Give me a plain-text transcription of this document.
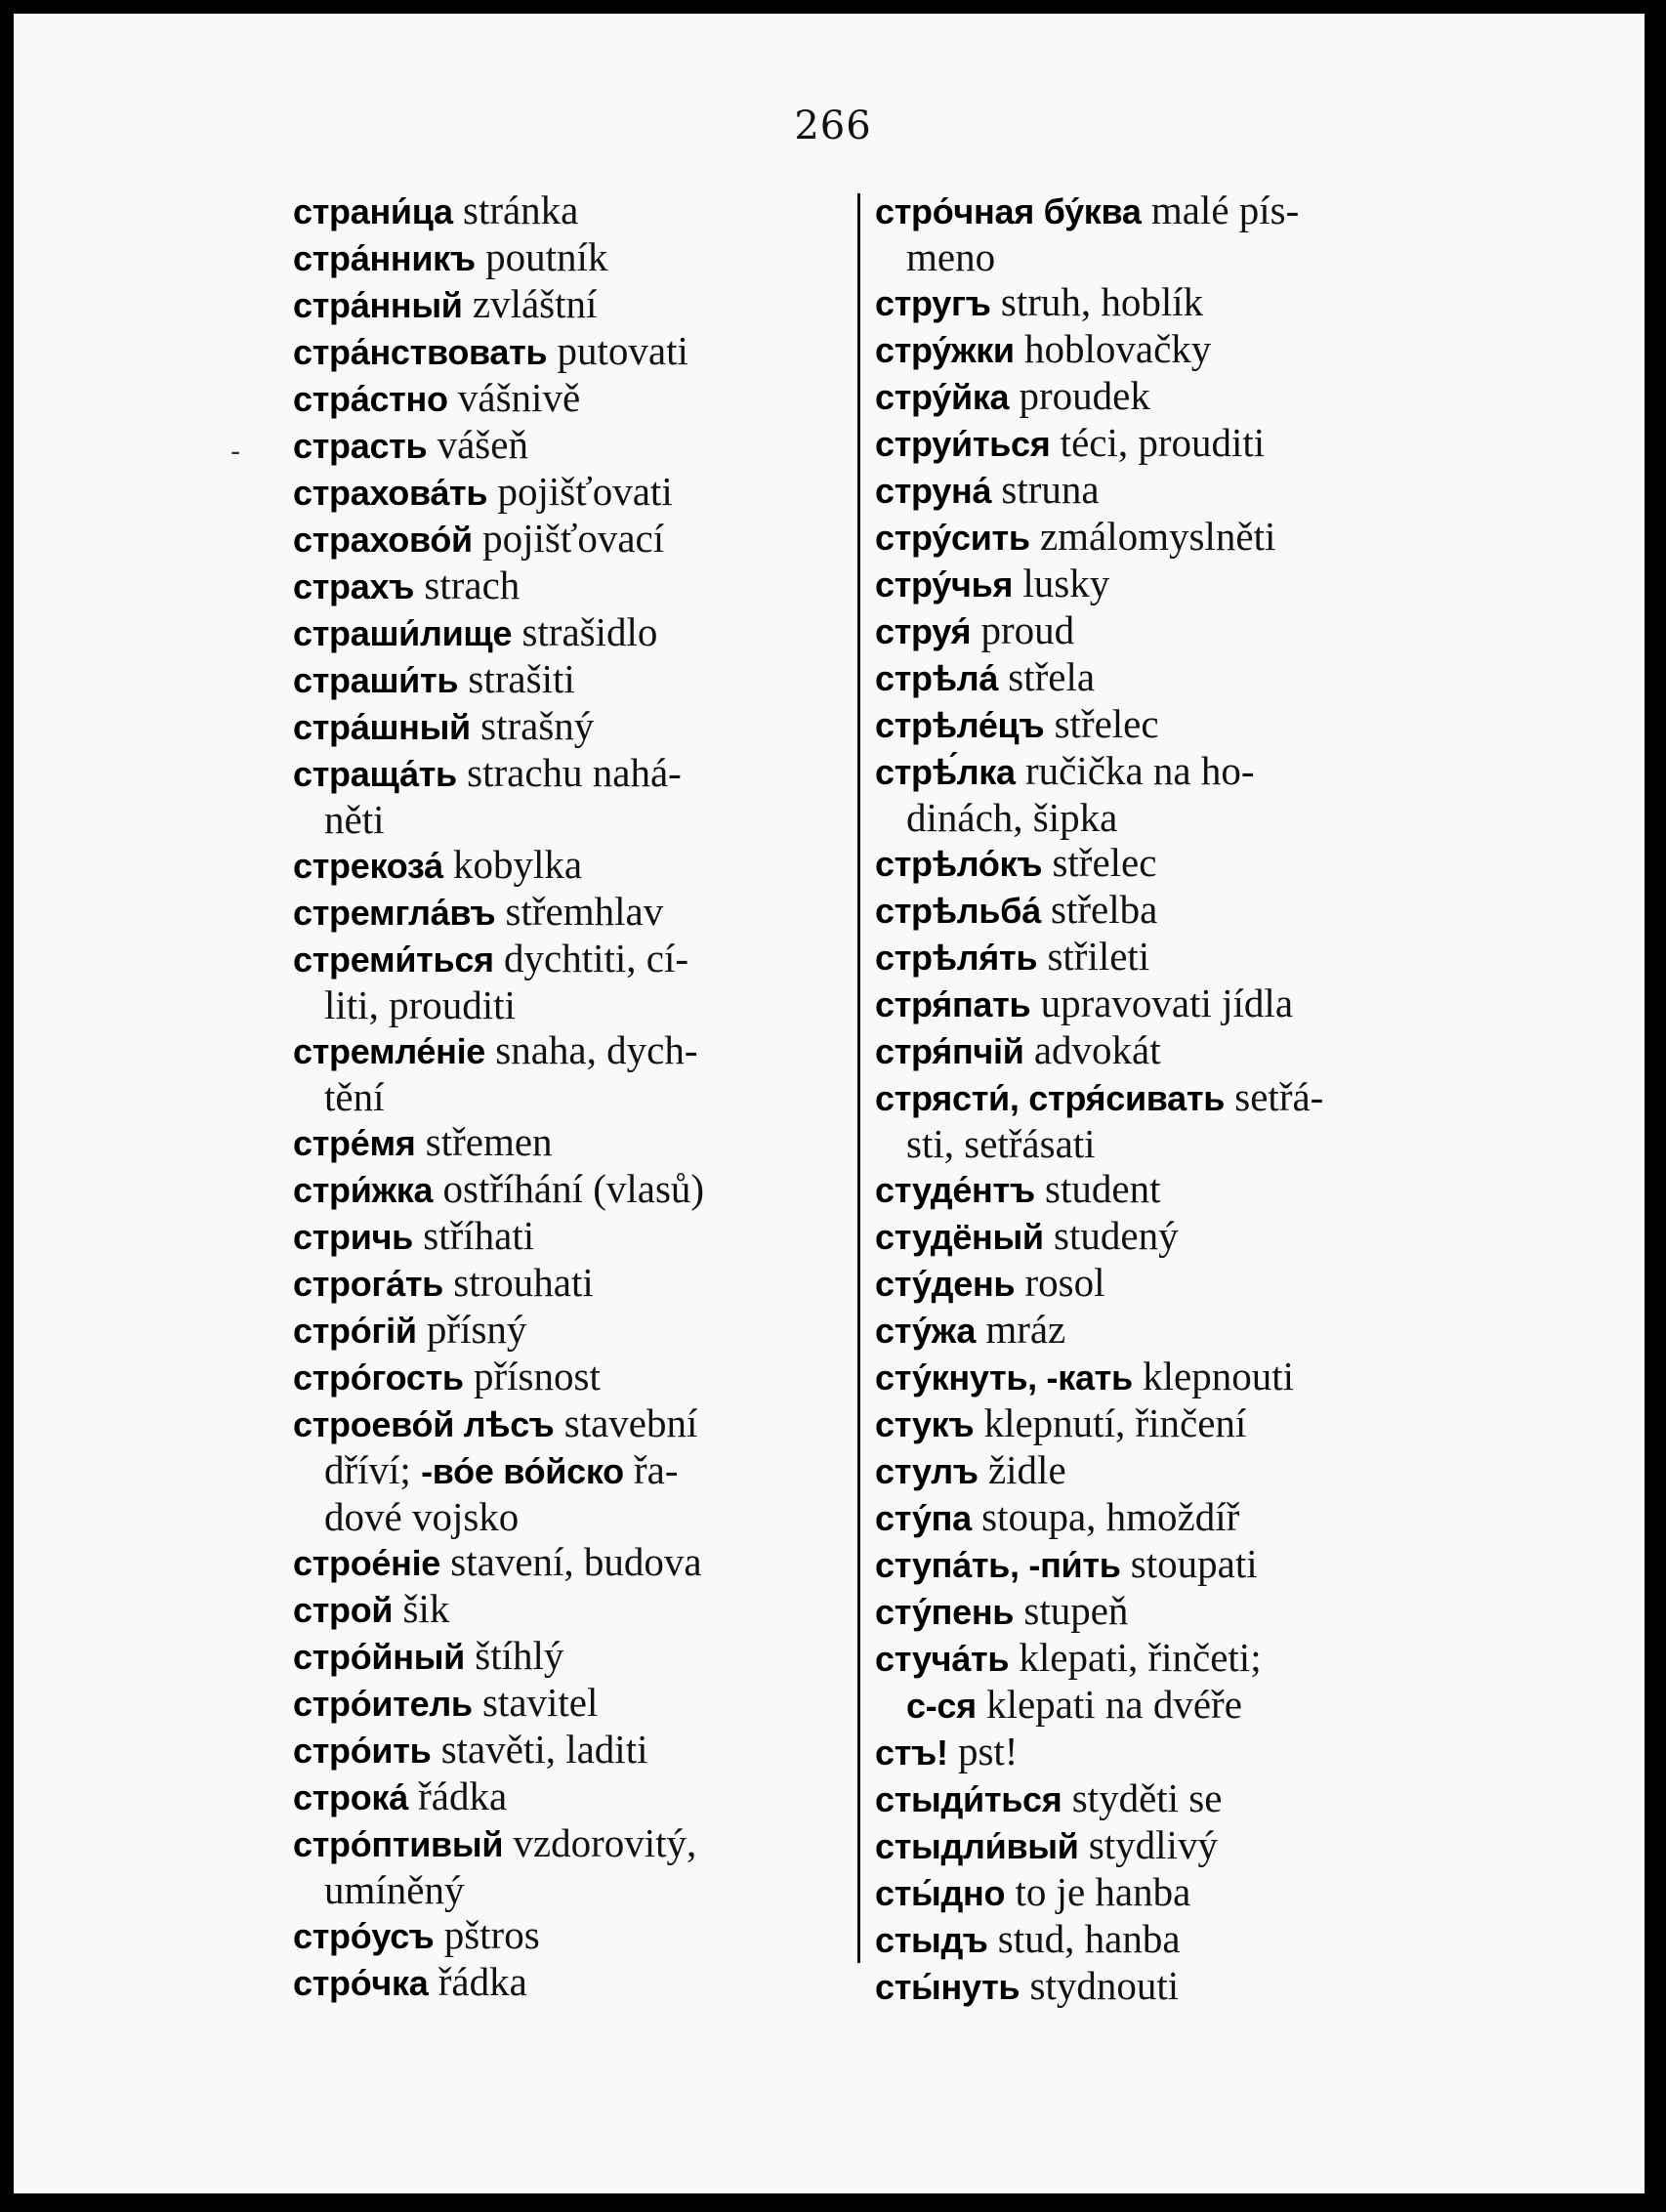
266
страни́ца stránka
стра́нникъ poutník
стра́нный zvláštní
стра́нствовать putovati
стра́стно vášnivě
страсть vášeň
страхова́ть pojišťovati
страхово́й pojišťovací
страхъ strach
страши́лище strašidlo
страши́ть strašiti
стра́шный strašný
страща́ть strachu nahá-
něti
стрекоза́ kobylka
стремгла́въ střemhlav
стреми́ться dychtiti, cí-
liti, prouditi
стремле́ніе snaha, dych-
tění
стре́мя střemen
стри́жка ostříhání (vlasů)
стричь stříhati
строга́ть strouhati
стро́гій přísný
стро́гость přísnost
строево́й лѣсъ stavební
dříví; -во́е во́йско řa-
dové vojsko
строе́ніе stavení, budova
строй šik
стро́йный štíhlý
стро́итель stavitel
стро́ить stavěti, laditi
строка́ řádka
стро́птивый vzdorovitý,
umíněný
стро́усъ pštros
стро́чка řádka
стро́чная бу́ква malé pís-
meno
стругъ struh, hoblík
стру́жки hoblovačky
стру́йка proudek
струи́ться téci, prouditi
струна́ struna
стру́сить zmálomyslněti
стру́чья lusky
струя́ proud
стрѣла́ střela
стрѣле́цъ střelec
стрѣ́лка ručička na ho-
dinách, šipka
стрѣло́къ střelec
стрѣльба́ střelba
стрѣля́ть střileti
стря́пать upravovati jídla
стря́пчій advokát
стрясти́, стря́сивать setřá-
sti, setřásati
студе́нтъ student
студёный studený
сту́день rosol
сту́жа mráz
сту́кнуть, -кать klepnouti
стукъ klepnutí, řinčení
стулъ židle
сту́па stoupa, hmoždíř
ступа́ть, -пи́ть stoupati
сту́пень stupeň
стуча́ть klepati, řinčeti;
с-ся klepati na dvéře
стъ! pst!
стыди́ться styděti se
стыдли́вый stydlivý
сты́дно to je hanba
стыдъ stud, hanba
сты́нуть stydnouti
‑
